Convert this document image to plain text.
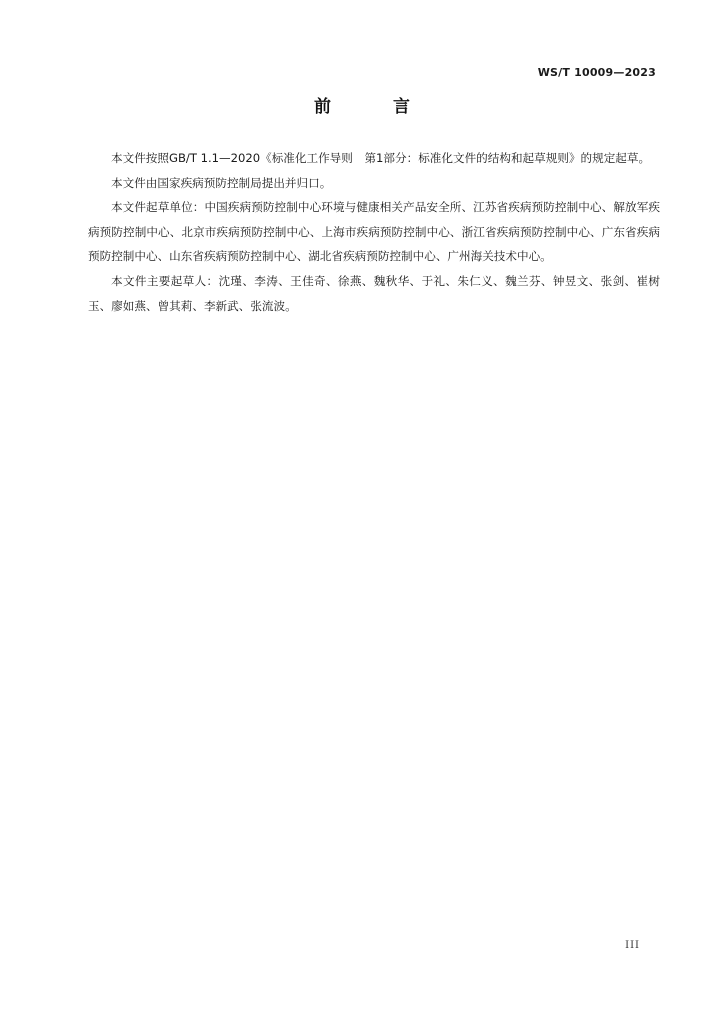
WS/T 10009—2023
前 言

本文件按照GB/T 1.1—2020《标准化工作导则　第1部分：标准化文件的结构和起草规则》的规定起草。

本文件由国家疾病预防控制局提出并归口。

本文件起草单位：中国疾病预防控制中心环境与健康相关产品安全所、江苏省疾病预防控制中心、解放军疾病预防控制中心、北京市疾病预防控制中心、上海市疾病预防控制中心、浙江省疾病预防控制中心、广东省疾病预防控制中心、山东省疾病预防控制中心、湖北省疾病预防控制中心、广州海关技术中心。

本文件主要起草人：沈瑾、李涛、王佳奇、徐燕、魏秋华、于礼、朱仁义、魏兰芬、钟昱文、张剑、崔树玉、廖如燕、曾其莉、李新武、张流波。

III
